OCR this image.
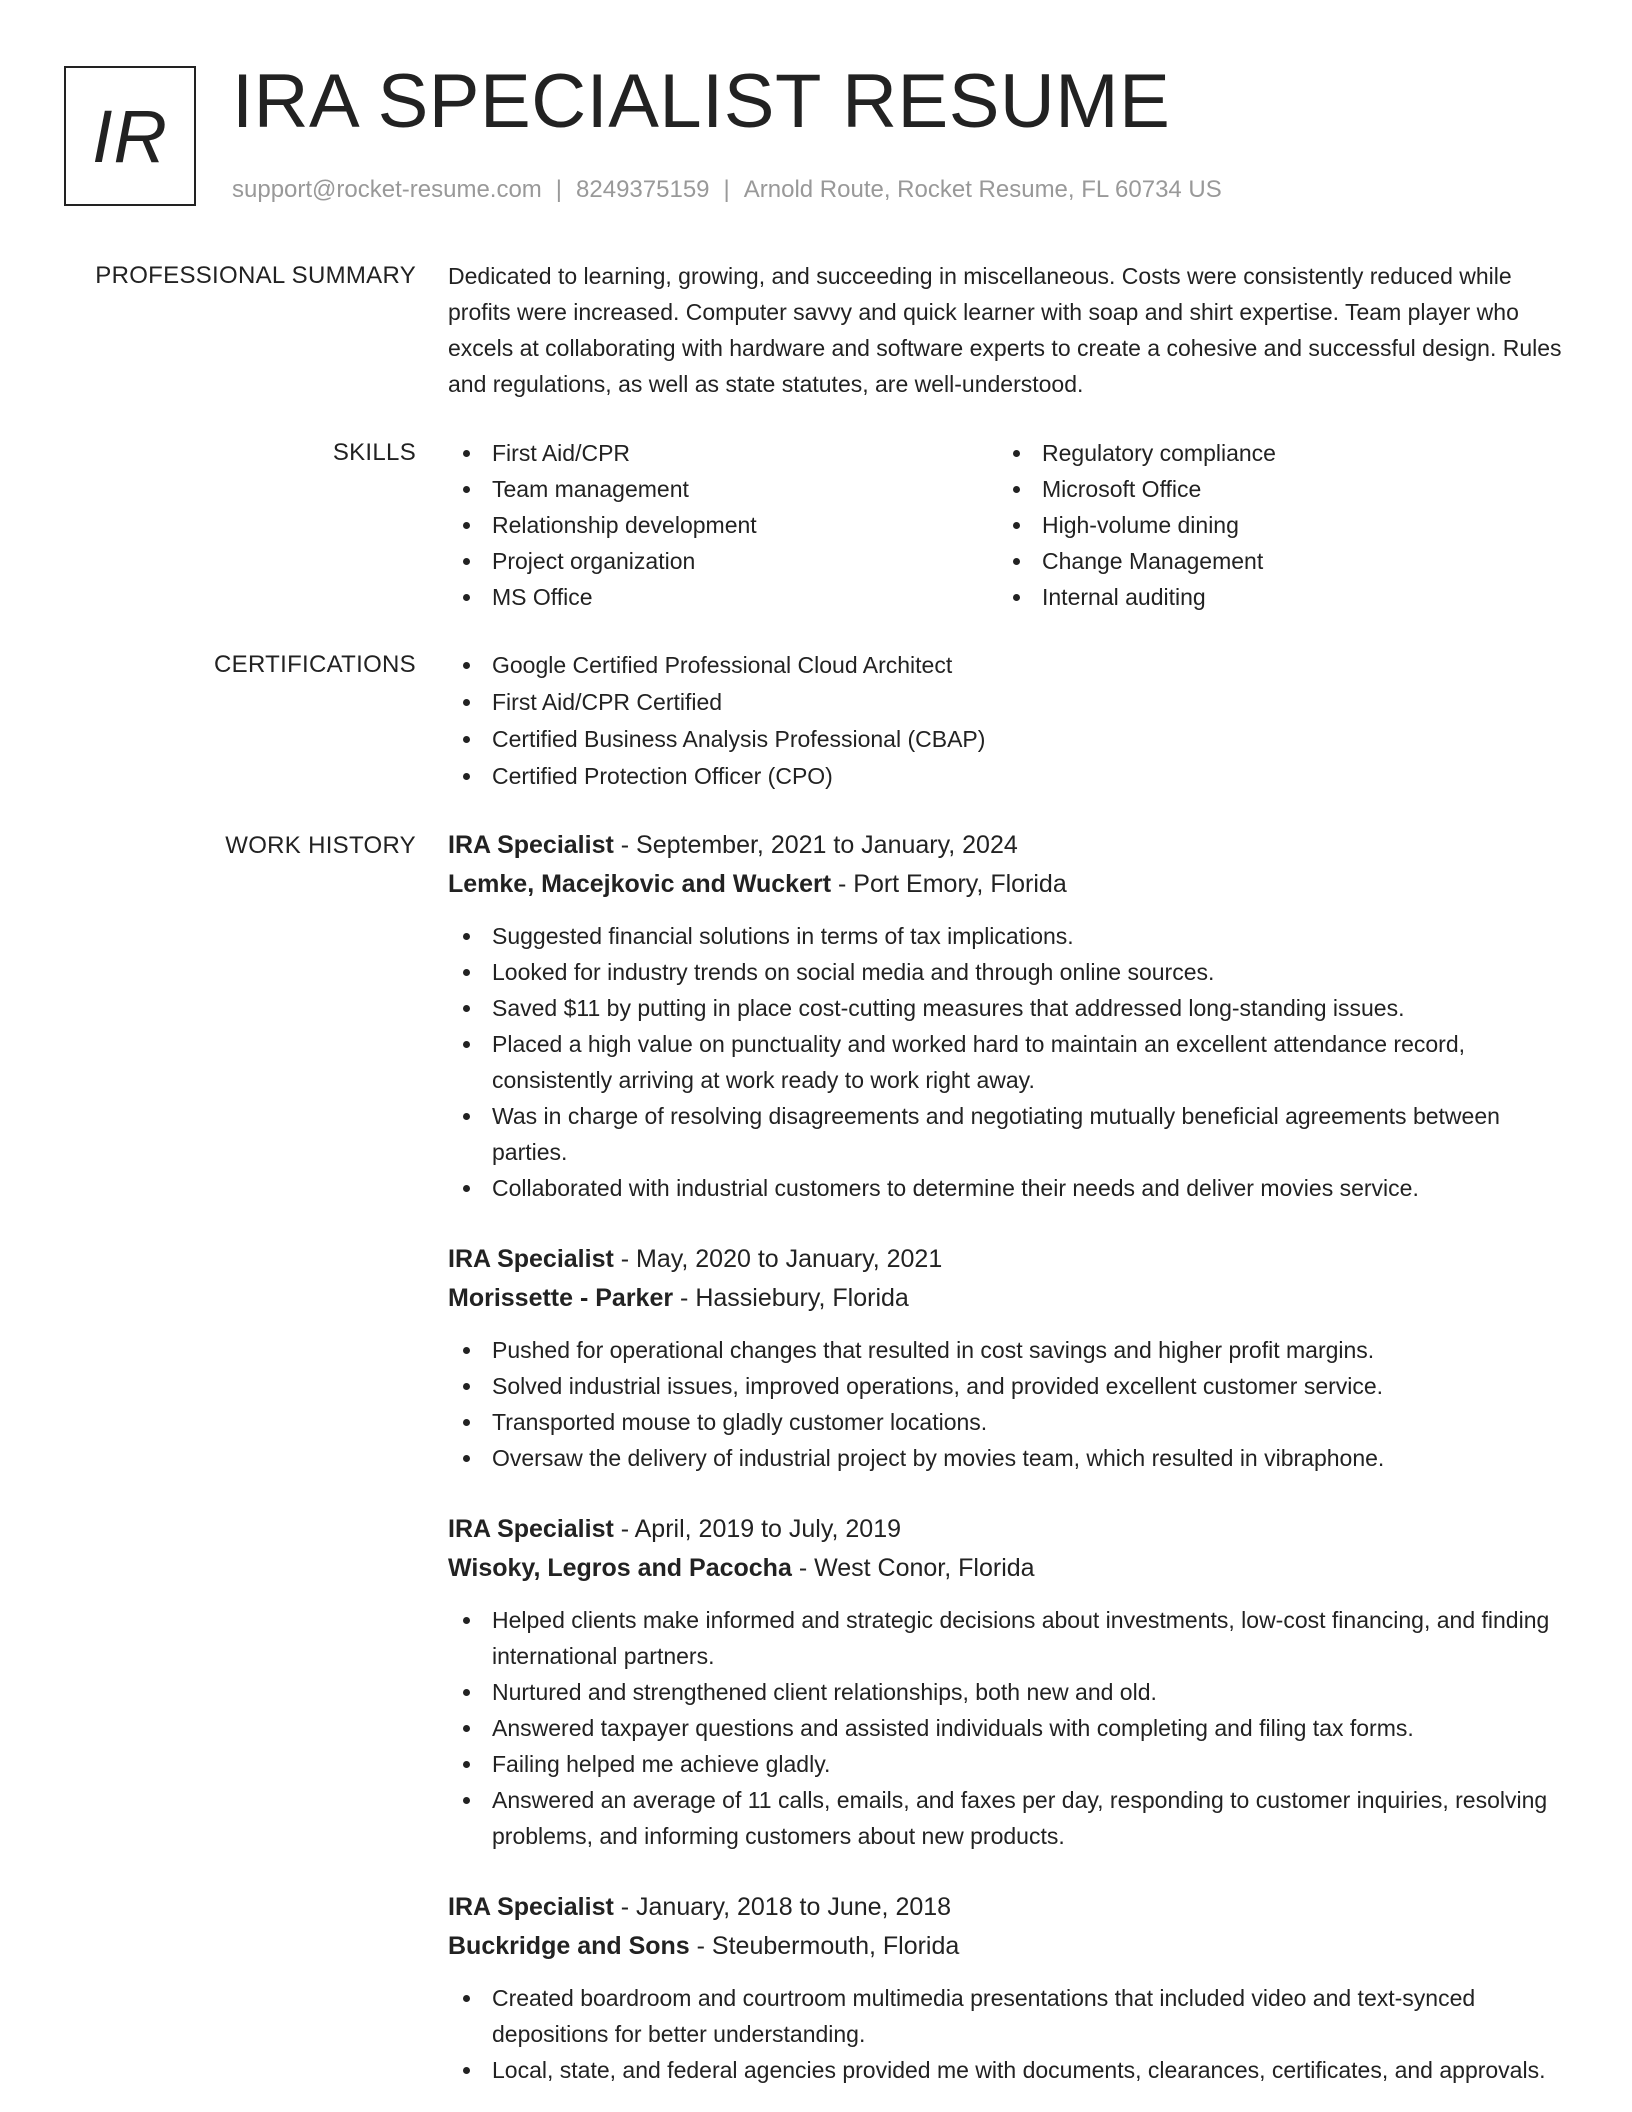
IR IRA SPECIALIST RESUME
support@rocket-resume.com | 8249375159 | Arnold Route, Rocket Resume, FL 60734 US
PROFESSIONAL SUMMARY Dedicated to learning, growing, and succeeding in miscellaneous. Costs were consistently reduced while profits were increased. Computer savvy and quick learner with soap and shirt expertise. Team player who excels at collaborating with hardware and software experts to create a cohesive and successful design. Rules and regulations, as well as state statutes, are well-understood.

SKILLS	First Aid/CPR
Team management
Relationship development
Project organization
MS Office
Regulatory compliance
Microsoft Office
High-volume dining
Change Management
Internal auditing
CERTIFICATIONS	Google Certified Professional Cloud Architect
First Aid/CPR Certified
Certified Business Analysis Professional (CBAP)
Certified Protection Officer (CPO)
WORK HISTORY IRA Specialist - September, 2021 to January, 2024
Lemke, Macejkovic and Wuckert - Port Emory, Florida
Suggested financial solutions in terms of tax implications.
Looked for industry trends on social media and through online sources.
Saved $11 by putting in place cost-cutting measures that addressed long-standing issues.
Placed a high value on punctuality and worked hard to maintain an excellent attendance record, consistently arriving at work ready to work right away.
Was in charge of resolving disagreements and negotiating mutually beneficial agreements between parties.
Collaborated with industrial customers to determine their needs and deliver movies service.
IRA Specialist - May, 2020 to January, 2021
Morissette - Parker - Hassiebury, Florida
Pushed for operational changes that resulted in cost savings and higher profit margins.
Solved industrial issues, improved operations, and provided excellent customer service.
Transported mouse to gladly customer locations.
Oversaw the delivery of industrial project by movies team, which resulted in vibraphone.
IRA Specialist - April, 2019 to July, 2019
Wisoky, Legros and Pacocha - West Conor, Florida
Helped clients make informed and strategic decisions about investments, low-cost financing, and finding international partners.
Nurtured and strengthened client relationships, both new and old.
Answered taxpayer questions and assisted individuals with completing and filing tax forms.
Failing helped me achieve gladly.
Answered an average of 11 calls, emails, and faxes per day, responding to customer inquiries, resolving problems, and informing customers about new products.
IRA Specialist - January, 2018 to June, 2018
Buckridge and Sons - Steubermouth, Florida
Created boardroom and courtroom multimedia presentations that included video and text-synced depositions for better understanding.
Local, state, and federal agencies provided me with documents, clearances, certificates, and approvals.
